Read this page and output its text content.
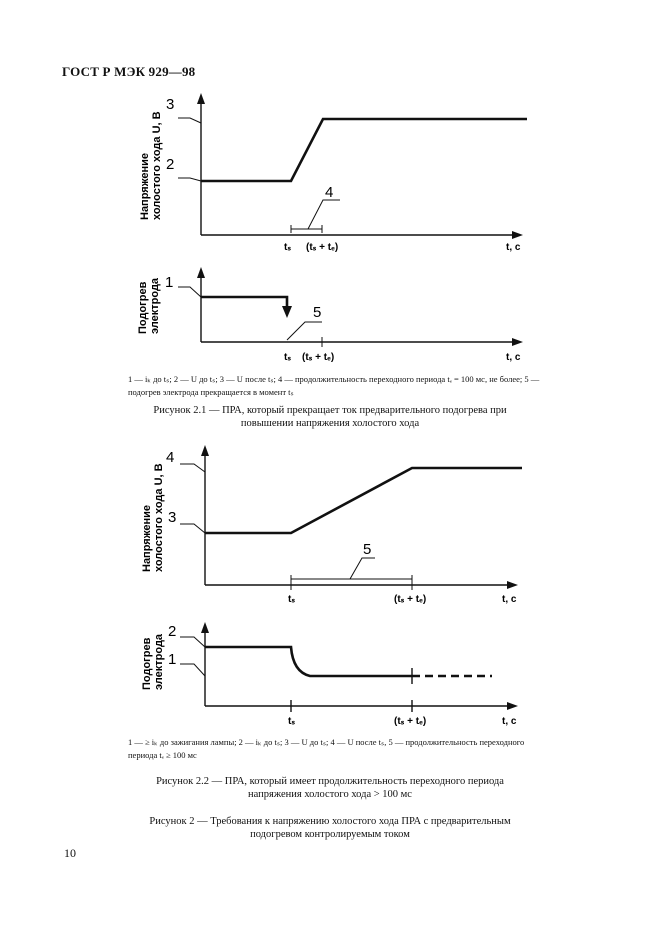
ГОСТ Р МЭК 929—98
3
2
4
Напряжение холостого хода U, В
tₛ (tₛ + tₑ)	t, c
1
5
Подогрев электрода
tₛ (tₛ + tₑ)	t, c
4
3
5
Напряжение холостого хода U, В
tₛ	(tₛ + tₑ)	t, c
2
1
Подогрев электрода
tₛ	(tₛ + tₑ)	t, c
1 — iₖ до tₛ; 2 — U до tₛ; 3 — U после tₛ; 4 — продолжительность переходного периода tₑ = 100 мс, не более; 5 — подогрев электрода прекращается в момент tₛ
Рисунок 2.1 — ПРА, который прекращает ток предварительного подогрева при
повышении напряжения холостого хода
1 — ≥ iₖ до зажигания лампы; 2 — iₖ до tₛ; 3 — U до tₛ; 4 — U после tₛ, 5 — продолжительность переходного периода tₑ ≥ 100 мс
Рисунок 2.2 — ПРА, который имеет продолжительность переходного периода
напряжения холостого хода > 100 мс
Рисунок 2 — Требования к напряжению холостого хода ПРА с предварительным
подогревом контролируемым током
10
